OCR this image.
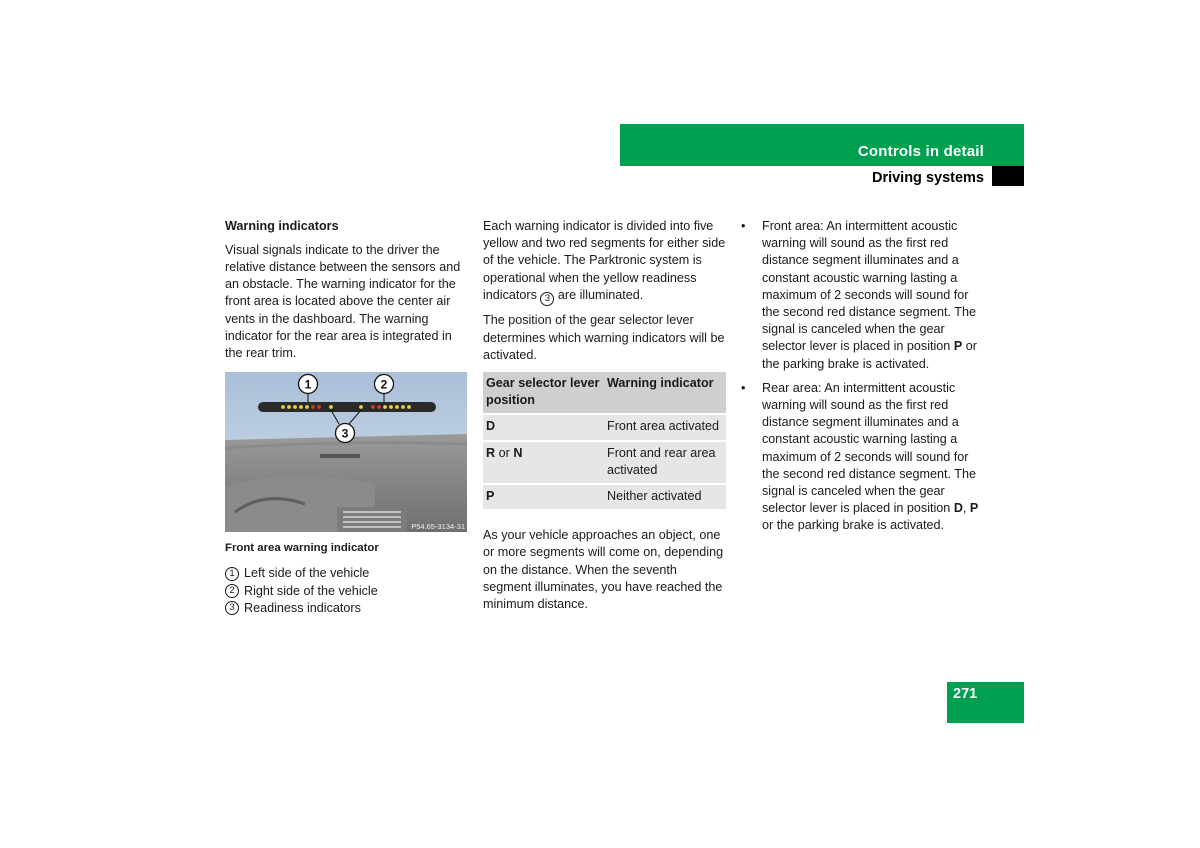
Controls in detail
Driving systems

Warning indicators

Visual signals indicate to the driver the relative distance between the sensors and an obstacle. The warning indicator for the front area is located above the center air vents in the dashboard. The warning indicator for the rear area is integrated in the rear trim.

1	2
3
P54.65-3134-31

Front area warning indicator

1 Left side of the vehicle
2 Right side of the vehicle
3 Readiness indicators

Each warning indicator is divided into five yellow and two red segments for either side of the vehicle. The Parktronic system is operational when the yellow readiness indicators 3 are illuminated.

The position of the gear selector lever determines which warning indicators will be activated.

Gear selector lever position	Warning indicator
D	Front area activated
R or N	Front and rear area activated
P	Neither activated

As your vehicle approaches an object, one or more segments will come on, depending on the distance. When the seventh segment illuminates, you have reached the minimum distance.

•	Front area: An intermittent acoustic warning will sound as the first red distance segment illuminates and a constant acoustic warning lasting a maximum of 2 seconds will sound for the second red distance segment. The signal is canceled when the gear selector lever is placed in position P or the parking brake is activated.
•	Rear area: An intermittent acoustic warning will sound as the first red distance segment illuminates and a constant acoustic warning lasting a maximum of 2 seconds will sound for the second red distance segment. The signal is canceled when the gear selector lever is placed in position D, P or the parking brake is activated.
271
